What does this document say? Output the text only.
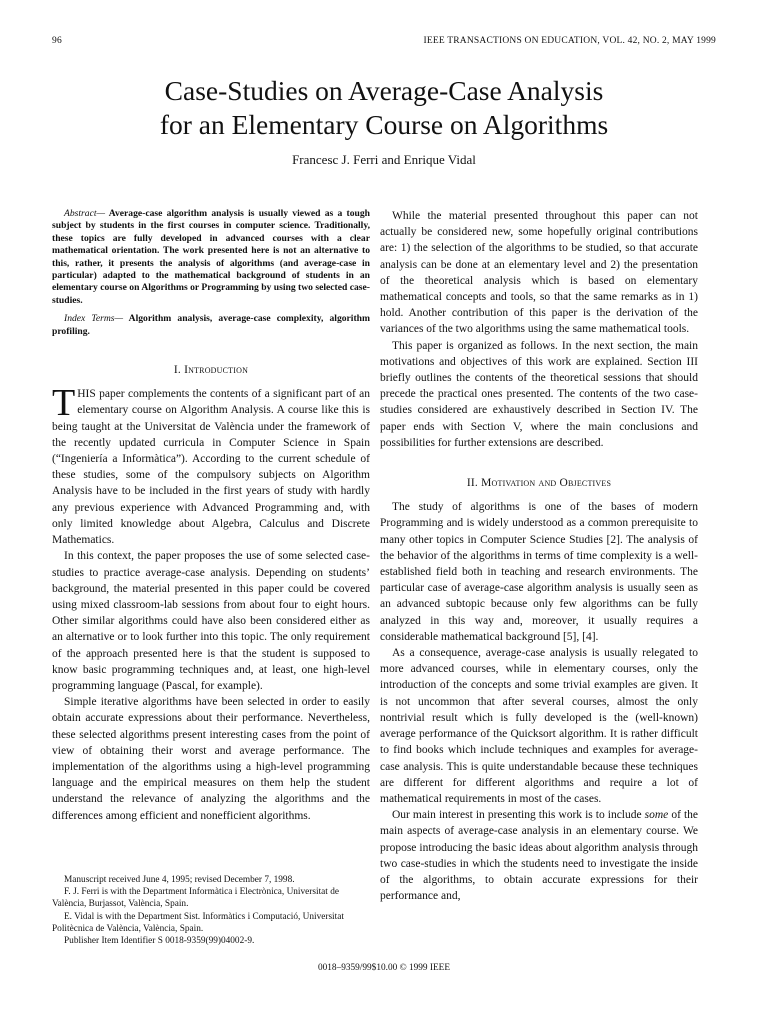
96	IEEE TRANSACTIONS ON EDUCATION, VOL. 42, NO. 2, MAY 1999
Case-Studies on Average-Case Analysis
for an Elementary Course on Algorithms
Francesc J. Ferri and Enrique Vidal
Abstract— Average-case algorithm analysis is usually viewed as a tough subject by students in the first courses in computer science. Traditionally, these topics are fully developed in advanced courses with a clear mathematical orientation. The work presented here is not an alternative to this, rather, it presents the analysis of algorithms (and average-case in particular) adapted to the mathematical background of students in an elementary course on Algorithms or Programming by using two selected case-studies.
Index Terms— Algorithm analysis, average-case complexity, algorithm profiling.
I. Introduction

THIS paper complements the contents of a significant part of an elementary course on Algorithm Analysis. A course like this is being taught at the Universitat de València under the framework of the recently updated curricula in Computer Science in Spain (“Ingeniería a Informàtica”). According to the current schedule of these studies, some of the compulsory subjects on Algorithm Analysis have to be included in the first years of study with hardly any previous experience with Advanced Programming and, with only limited knowledge about Algebra, Calculus and Discrete Mathematics.

In this context, the paper proposes the use of some selected case-studies to practice average-case analysis. Depending on students’ background, the material presented in this paper could be covered using mixed classroom-lab sessions from about four to eight hours. Other similar algorithms could have also been considered either as an alternative or to look further into this topic. The only requirement of the approach presented here is that the student is supposed to know basic programming techniques and, at least, one high-level programming language (Pascal, for example).

Simple iterative algorithms have been selected in order to easily obtain accurate expressions about their performance. Nevertheless, these selected algorithms present interesting cases from the point of view of obtaining their worst and average performance. The implementation of the algorithms using a high-level programming language and the empirical measures on them help the student understand the relevance of analyzing the algorithms and the differences among efficient and nonefficient algorithms.

Manuscript received June 4, 1995; revised December 7, 1998.
F. J. Ferri is with the Department Informàtica i Electrònica, Universitat de València, Burjassot, València, Spain.
E. Vidal is with the Department Sist. Informàtics i Computació, Universitat Politècnica de València, València, Spain.
Publisher Item Identifier S 0018-9359(99)04002-9.

While the material presented throughout this paper can not actually be considered new, some hopefully original contributions are: 1) the selection of the algorithms to be studied, so that accurate analysis can be done at an elementary level and 2) the presentation of the theoretical analysis which is based on elementary mathematical concepts and tools, so that the same remarks as in 1) hold. Another contribution of this paper is the derivation of the variances of the two algorithms using the same mathematical tools.

This paper is organized as follows. In the next section, the main motivations and objectives of this work are explained. Section III briefly outlines the contents of the theoretical sessions that should precede the practical ones presented. The contents of the two case-studies considered are exhaustively described in Section IV. The paper ends with Section V, where the main conclusions and possibilities for further extensions are described.

II. Motivation and Objectives

The study of algorithms is one of the bases of modern Programming and is widely understood as a common prerequisite to many other topics in Computer Science Studies [2]. The analysis of the behavior of the algorithms in terms of time complexity is a well-established field both in teaching and research environments. The particular case of average-case algorithm analysis is usually seen as an advanced subtopic because only few algorithms can be fully analyzed in this way and, moreover, it usually requires a considerable mathematical background [5], [4].

As a consequence, average-case analysis is usually relegated to more advanced courses, while in elementary courses, only the introduction of the concepts and some trivial examples are given. It is not uncommon that after several courses, almost the only nontrivial result which is fully developed is the (well-known) average performance of the Quicksort algorithm. It is rather difficult to find books which include techniques and examples for average-case analysis. This is quite understandable because these techniques are different for different algorithms and require a lot of mathematical requirements in most of the cases.

Our main interest in presenting this work is to include some of the main aspects of average-case analysis in an elementary course. We propose introducing the basic ideas about algorithm analysis through two case-studies in which the students need to investigate the inside of the algorithms, to obtain accurate expressions for their performance and,

0018–9359/99$10.00 © 1999 IEEE
